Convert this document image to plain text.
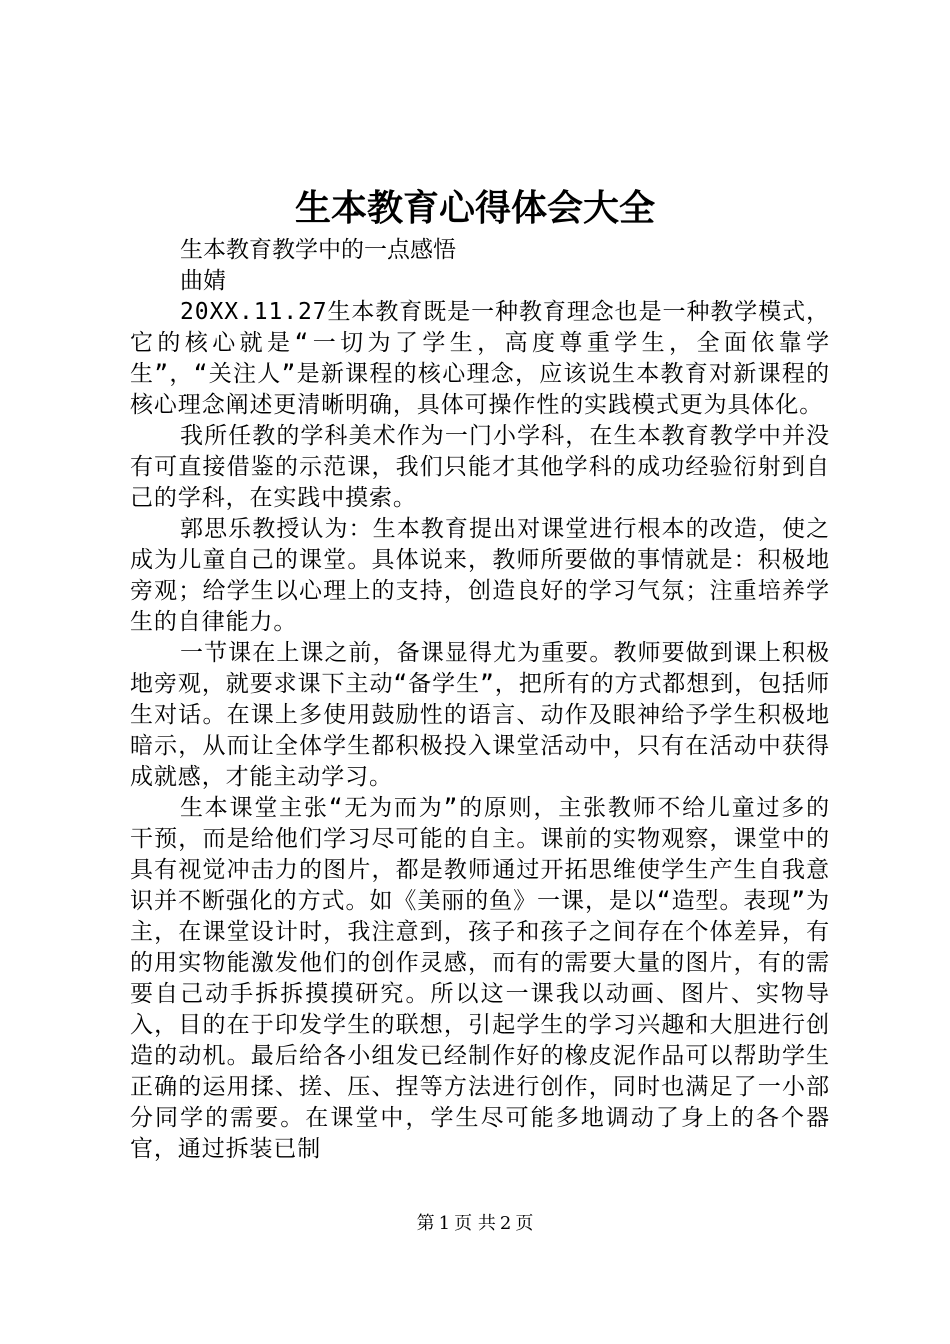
生本教育心得体会大全
生本教育教学中的一点感悟
曲婧

20XX.11.27生本教育既是一种教育理念也是一种教学模式，它的核心就是“一切为了学生，高度尊重学生，全面依靠学生”，“关注人”是新课程的核心理念，应该说生本教育对新课程的核心理念阐述更清晰明确，具体可操作性的实践模式更为具体化。

我所任教的学科美术作为一门小学科，在生本教育教学中并没有可直接借鉴的示范课，我们只能才其他学科的成功经验衍射到自己的学科，在实践中摸索。

郭思乐教授认为：生本教育提出对课堂进行根本的改造，使之成为儿童自己的课堂。具体说来，教师所要做的事情就是：积极地旁观；给学生以心理上的支持，创造良好的学习气氛；注重培养学生的自律能力。

一节课在上课之前，备课显得尤为重要。教师要做到课上积极地旁观，就要求课下主动“备学生”，把所有的方式都想到，包括师生对话。在课上多使用鼓励性的语言、动作及眼神给予学生积极地暗示，从而让全体学生都积极投入课堂活动中，只有在活动中获得成就感，才能主动学习。

生本课堂主张“无为而为”的原则，主张教师不给儿童过多的干预，而是给他们学习尽可能的自主。课前的实物观察，课堂中的具有视觉冲击力的图片，都是教师通过开拓思维使学生产生自我意识并不断强化的方式。如《美丽的鱼》一课，是以“造型。表现”为主，在课堂设计时，我注意到，孩子和孩子之间存在个体差异，有的用实物能激发他们的创作灵感，而有的需要大量的图片，有的需要自己动手拆拆摸摸研究。所以这一课我以动画、图片、实物导入，目的在于印发学生的联想，引起学生的学习兴趣和大胆进行创造的动机。最后给各小组发已经制作好的橡皮泥作品可以帮助学生正确的运用揉、搓、压、捏等方法进行创作，同时也满足了一小部分同学的需要。在课堂中，学生尽可能多地调动了身上的各个器官，通过拆装已制

第 1 页 共 2 页
